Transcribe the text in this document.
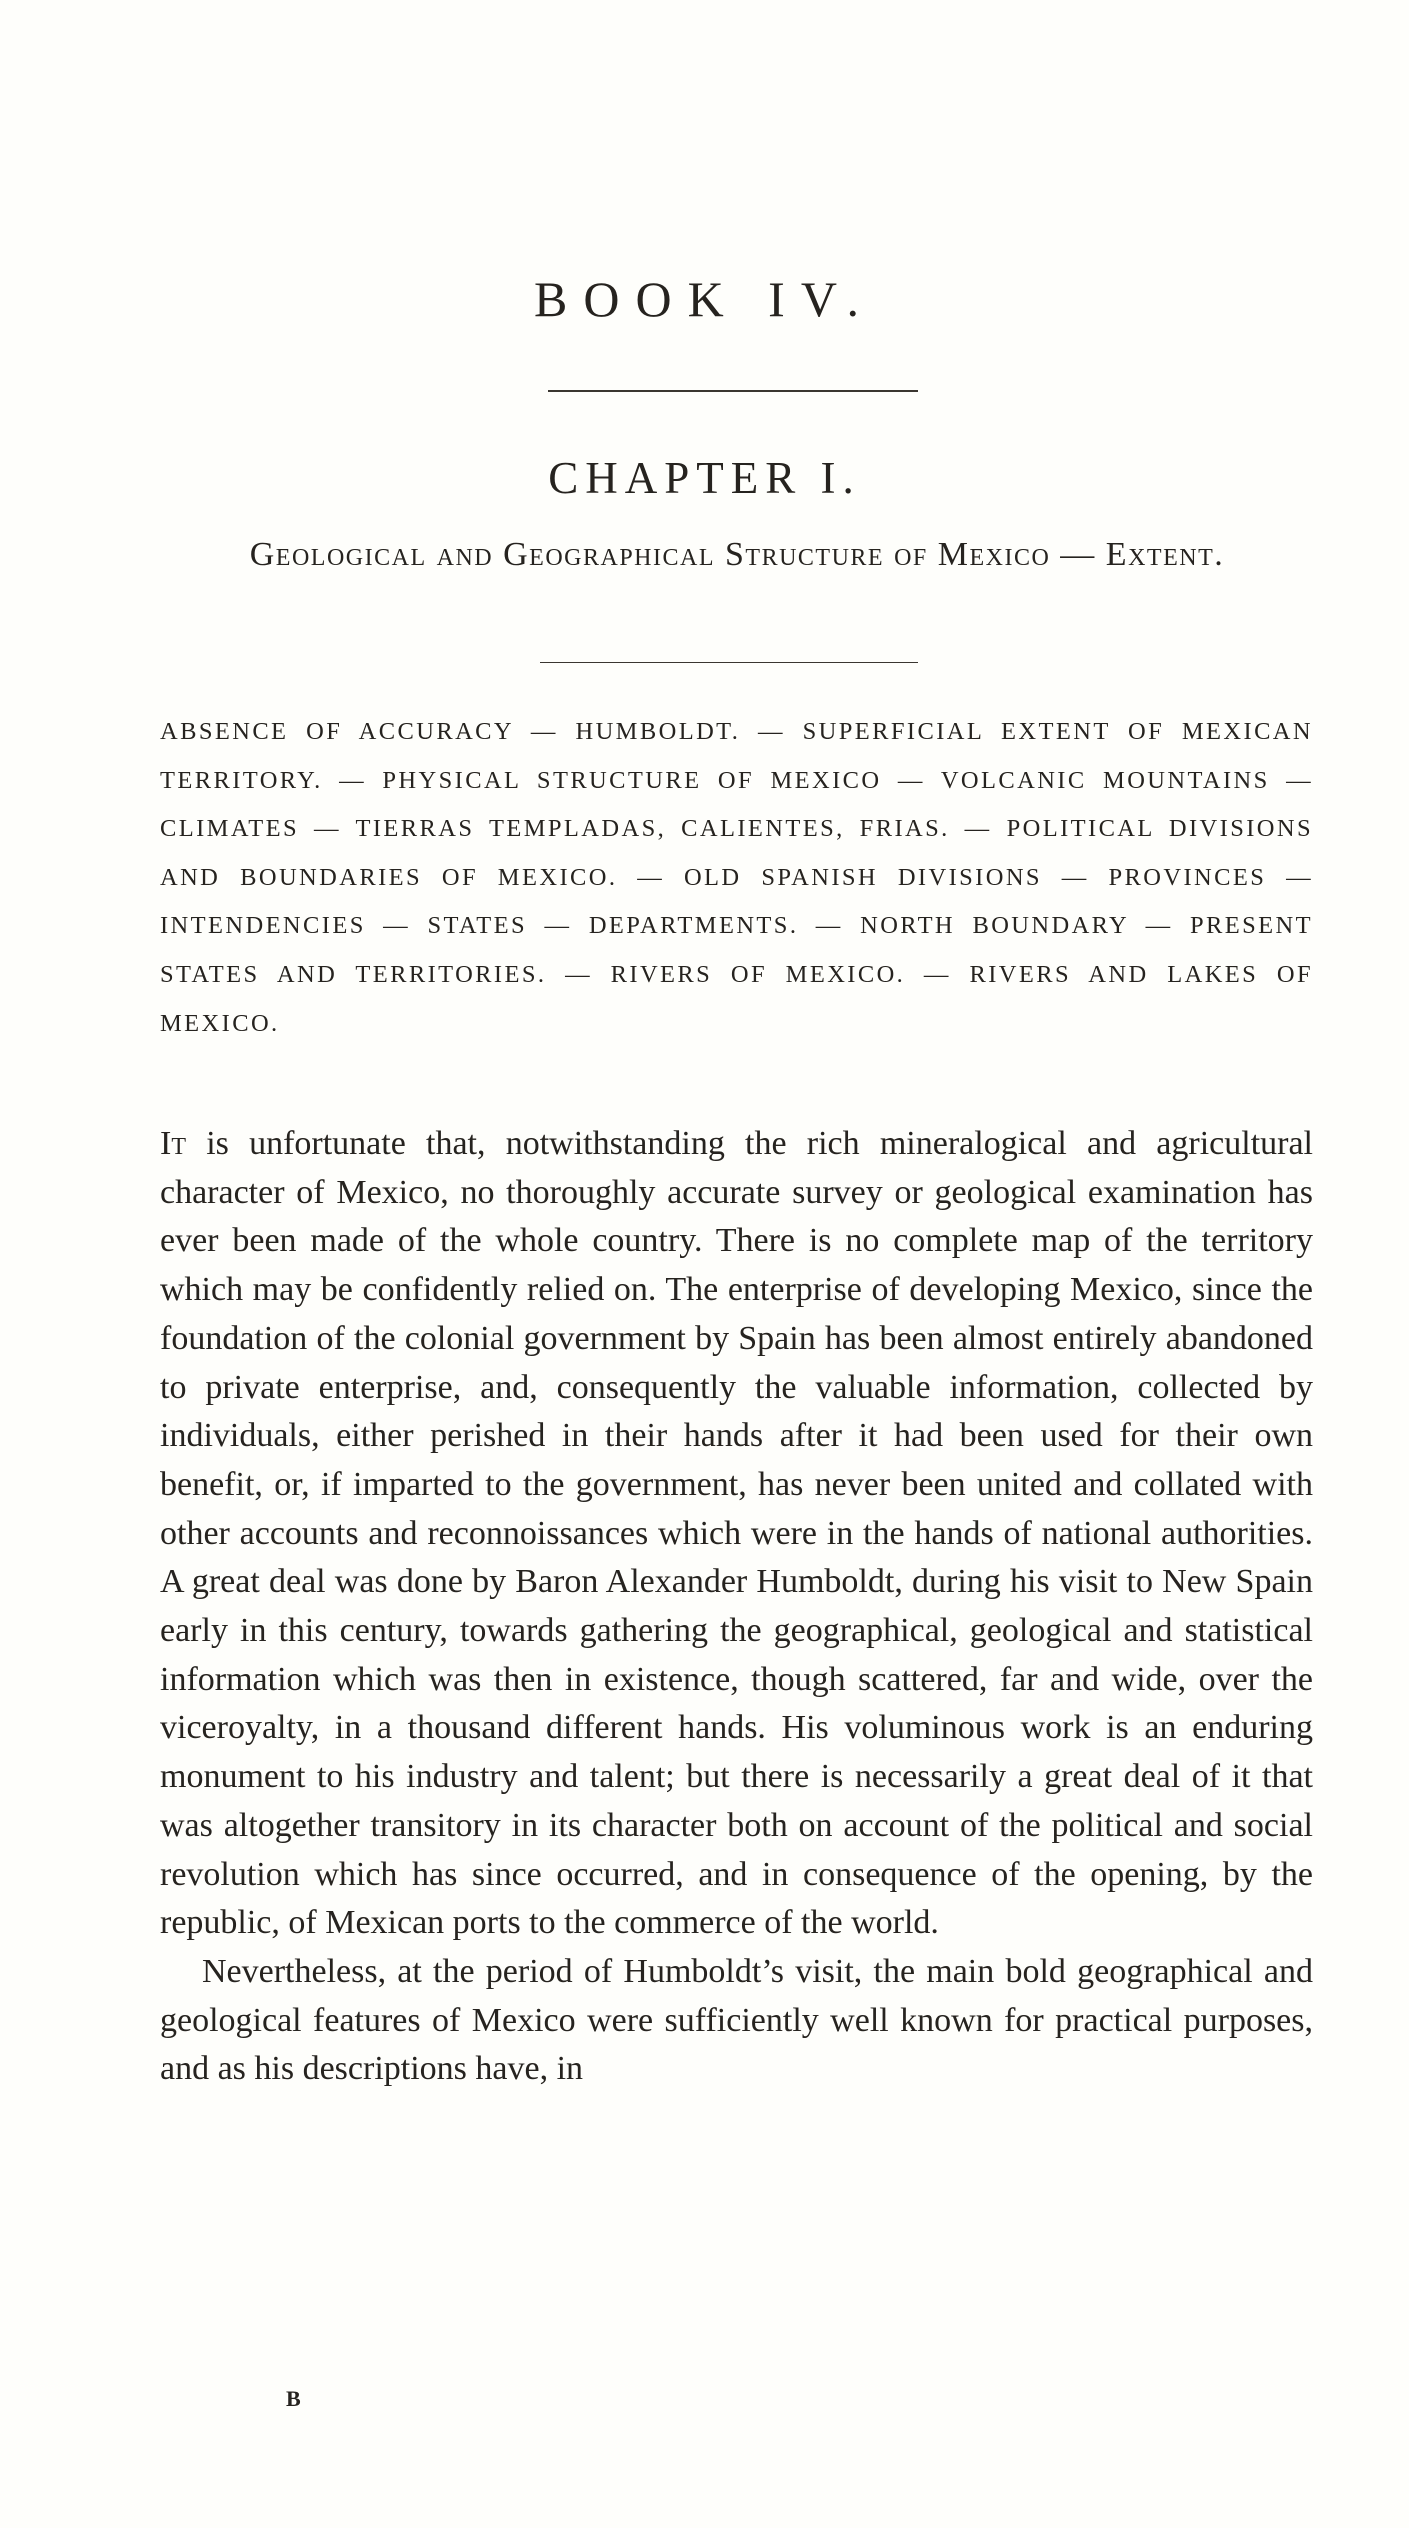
BOOK IV.
CHAPTER I.
Geological and Geographical Structure of Mexico — Extent.
ABSENCE OF ACCURACY — HUMBOLDT. — SUPERFICIAL EXTENT OF MEXICAN TERRITORY. — PHYSICAL STRUCTURE OF MEXICO — VOLCANIC MOUNTAINS — CLIMATES — TIERRAS TEMPLADAS, CALIENTES, FRIAS. — POLITICAL DIVISIONS AND BOUNDARIES OF MEXICO. — OLD SPANISH DIVISIONS — PROVINCES — INTENDENCIES — STATES — DEPARTMENTS. — NORTH BOUNDARY — PRESENT STATES AND TERRITORIES. — RIVERS OF MEXICO. — RIVERS AND LAKES OF MEXICO.

It is unfortunate that, notwithstanding the rich mineralogical and agricultural character of Mexico, no thoroughly accurate survey or geological examination has ever been made of the whole country. There is no complete map of the territory which may be confidently relied on. The enterprise of developing Mexico, since the foundation of the colonial government by Spain has been almost entirely abandoned to private enterprise, and, consequently the valuable information, collected by individuals, either perished in their hands after it had been used for their own benefit, or, if imparted to the government, has never been united and collated with other accounts and reconnoissances which were in the hands of national authorities. A great deal was done by Baron Alexander Humboldt, during his visit to New Spain early in this century, towards gathering the geographical, geological and statistical information which was then in existence, though scattered, far and wide, over the viceroyalty, in a thousand different hands. His voluminous work is an enduring monument to his industry and talent; but there is necessarily a great deal of it that was altogether transitory in its character both on account of the political and social revolution which has since occurred, and in consequence of the opening, by the republic, of Mexican ports to the commerce of the world.

Nevertheless, at the period of Humboldt’s visit, the main bold geographical and geological features of Mexico were sufficiently well known for practical purposes, and as his descriptions have, in

B
